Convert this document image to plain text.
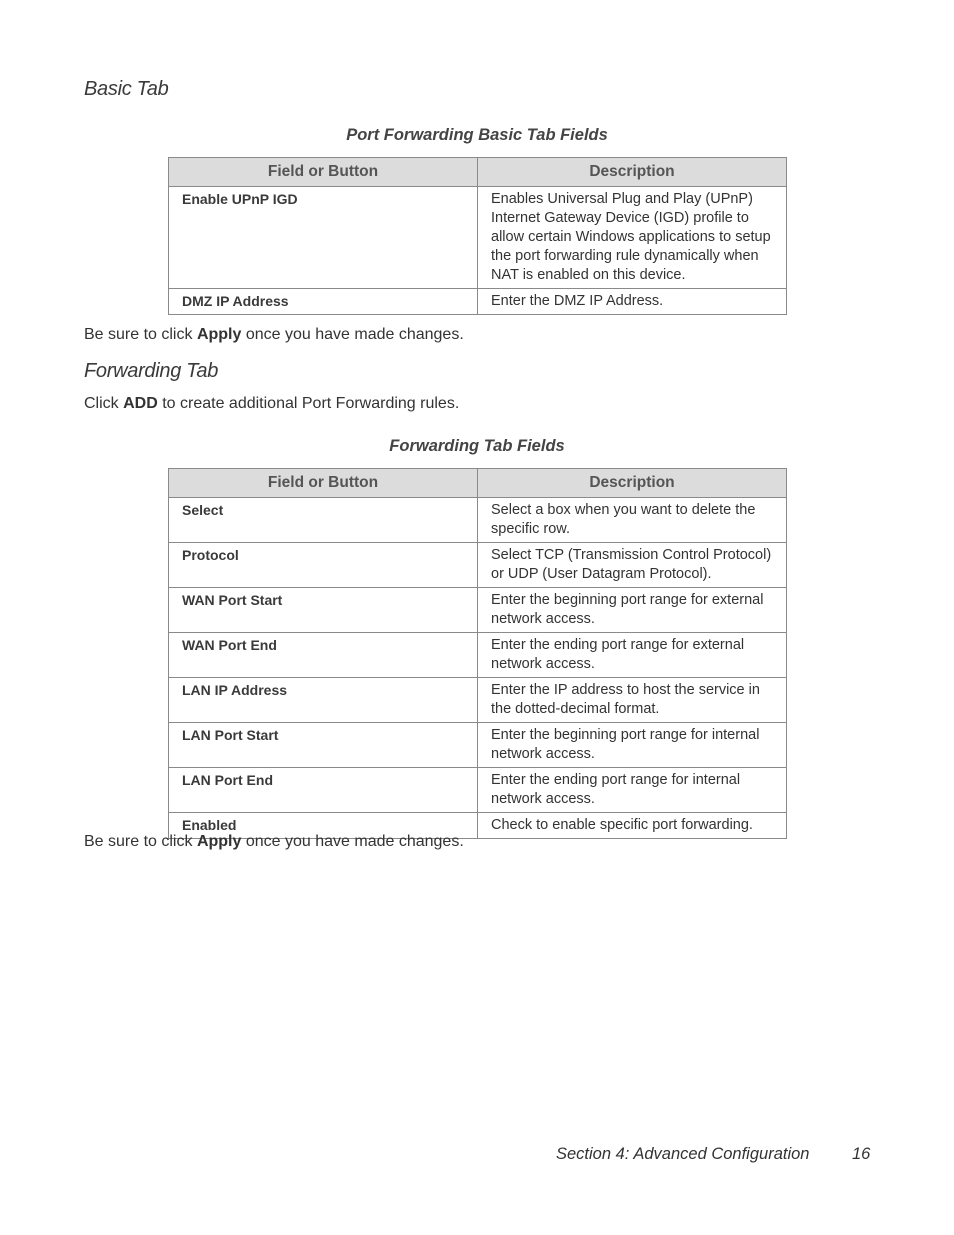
Basic Tab
Port Forwarding Basic Tab Fields
Field or Button	Description
Enable UPnP IGD	Enables Universal Plug and Play (UPnP) Internet Gateway Device (IGD) profile to allow certain Windows applications to setup the port forwarding rule dynamically when NAT is enabled on this device.
DMZ IP Address	Enter the DMZ IP Address.
Be sure to click Apply once you have made changes.
Forwarding Tab
Click ADD to create additional Port Forwarding rules.
Forwarding Tab Fields
Field or Button	Description
Select	Select a box when you want to delete the specific row.
Protocol	Select TCP (Transmission Control Protocol) or UDP (User Datagram Protocol).
WAN Port Start	Enter the beginning port range for external network access.
WAN Port End	Enter the ending port range for external network access.
LAN IP Address	Enter the IP address to host the service in the dotted-decimal format.
LAN Port Start	Enter the beginning port range for internal network access.
LAN Port End	Enter the ending port range for internal network access.
Enabled	Check to enable specific port forwarding.
Be sure to click Apply once you have made changes.
Section 4: Advanced Configuration	16
